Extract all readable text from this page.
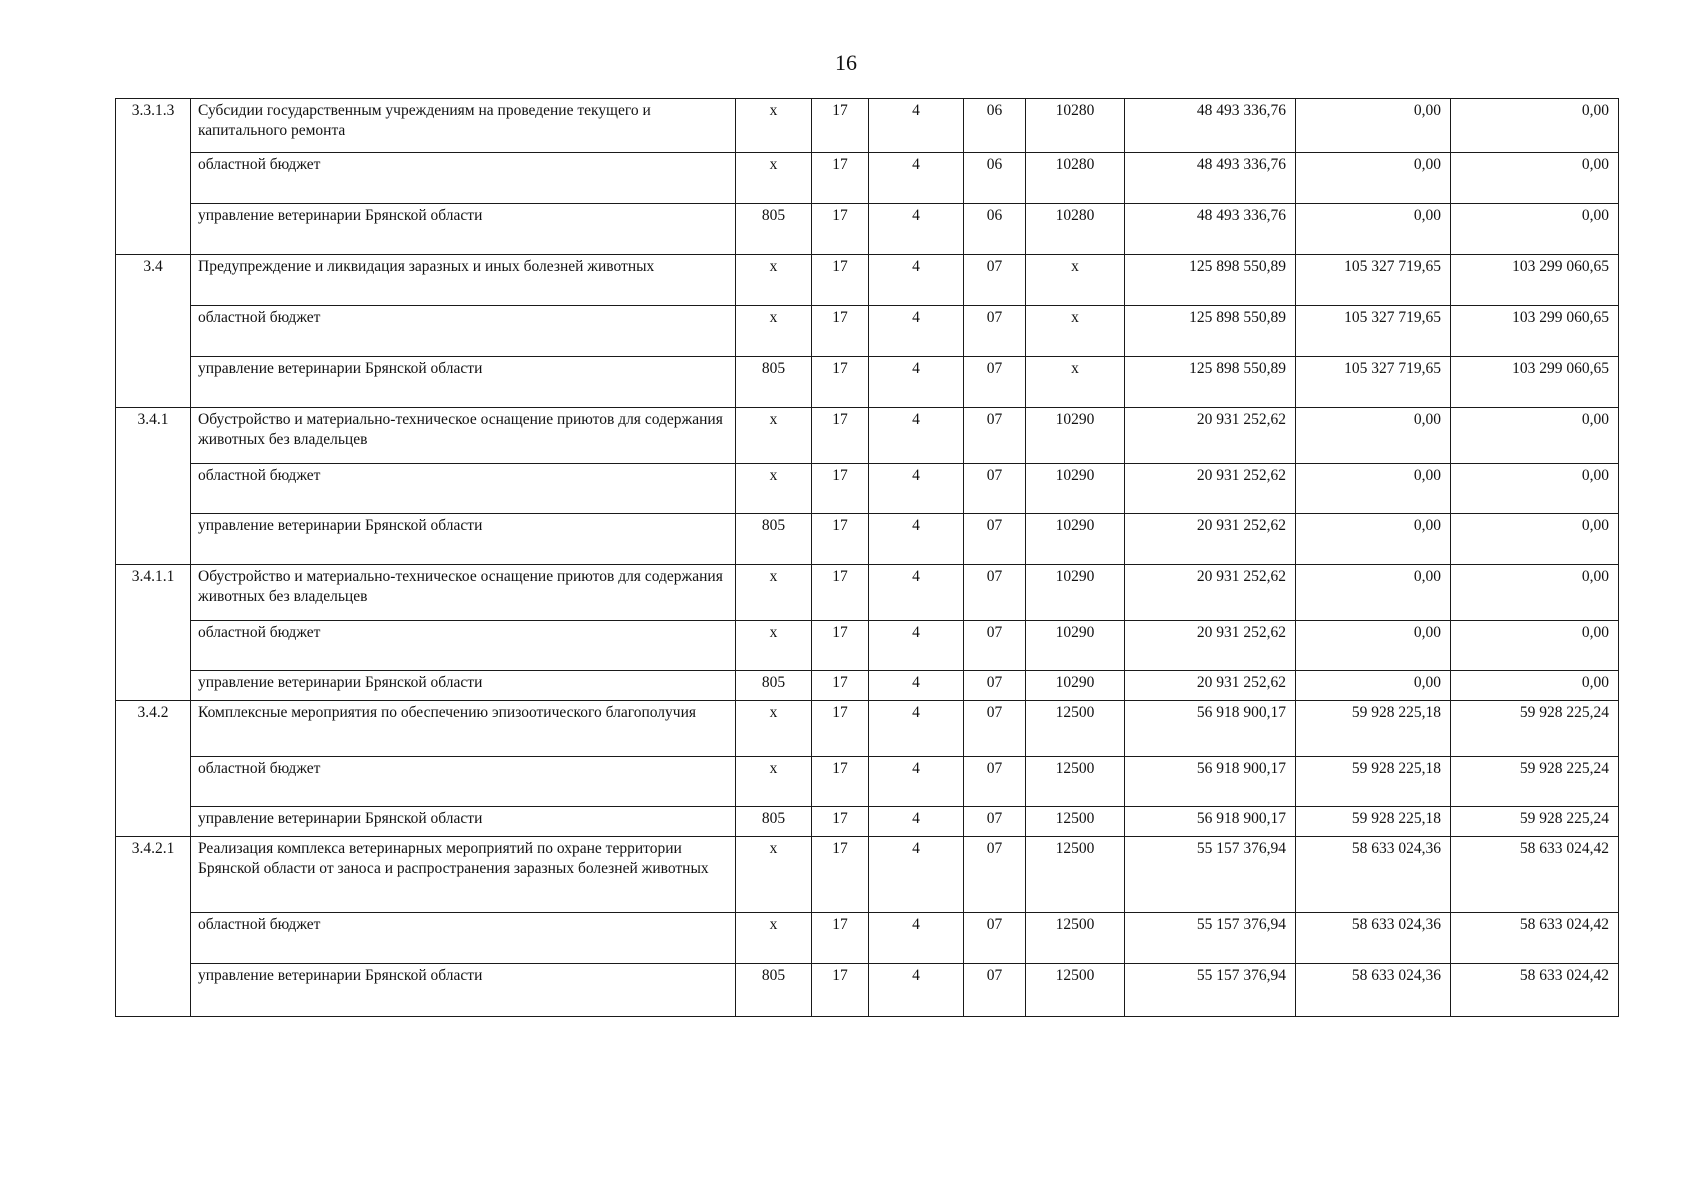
16
3.3.1.3	Субсидии государственным учреждениям на проведение текущего и капитального ремонта	х	17	4	06	10280	48 493 336,76	0,00	0,00
	областной бюджет	х	17	4	06	10280	48 493 336,76	0,00	0,00
	управление ветеринарии Брянской области	805	17	4	06	10280	48 493 336,76	0,00	0,00
3.4	Предупреждение и ликвидация заразных и иных болезней животных	х	17	4	07	х	125 898 550,89	105 327 719,65	103 299 060,65
	областной бюджет	х	17	4	07	х	125 898 550,89	105 327 719,65	103 299 060,65
	управление ветеринарии Брянской области	805	17	4	07	х	125 898 550,89	105 327 719,65	103 299 060,65
3.4.1	Обустройство и материально-техническое оснащение приютов для содержания животных без владельцев	х	17	4	07	10290	20 931 252,62	0,00	0,00
	областной бюджет	х	17	4	07	10290	20 931 252,62	0,00	0,00
	управление ветеринарии Брянской области	805	17	4	07	10290	20 931 252,62	0,00	0,00
3.4.1.1	Обустройство и материально-техническое оснащение приютов для содержания животных без владельцев	х	17	4	07	10290	20 931 252,62	0,00	0,00
	областной бюджет	х	17	4	07	10290	20 931 252,62	0,00	0,00
	управление ветеринарии Брянской области	805	17	4	07	10290	20 931 252,62	0,00	0,00
3.4.2	Комплексные мероприятия по обеспечению эпизоотического благополучия	х	17	4	07	12500	56 918 900,17	59 928 225,18	59 928 225,24
	областной бюджет	х	17	4	07	12500	56 918 900,17	59 928 225,18	59 928 225,24
	управление ветеринарии Брянской области	805	17	4	07	12500	56 918 900,17	59 928 225,18	59 928 225,24
3.4.2.1	Реализация комплекса ветеринарных мероприятий по охране территории Брянской области от заноса и распространения заразных болезней животных	х	17	4	07	12500	55 157 376,94	58 633 024,36	58 633 024,42
	областной бюджет	х	17	4	07	12500	55 157 376,94	58 633 024,36	58 633 024,42
	управление ветеринарии Брянской области	805	17	4	07	12500	55 157 376,94	58 633 024,36	58 633 024,42
